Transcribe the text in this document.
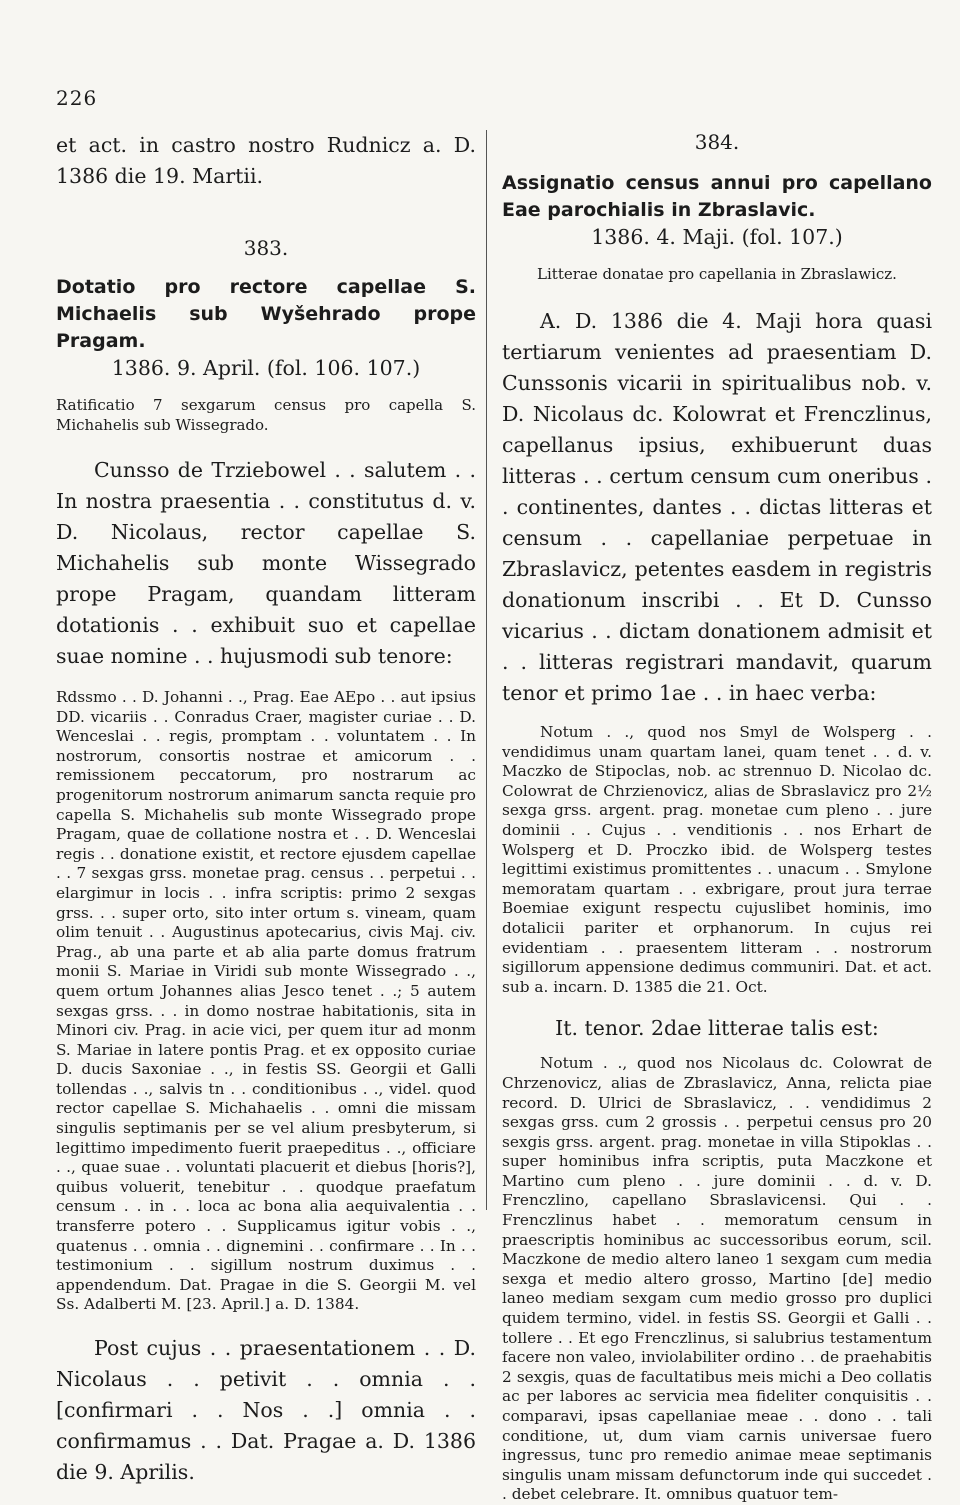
226

et act. in castro nostro Rudnicz a. D. 1386 die 19. Martii.

383.

Dotatio pro rectore capellae S. Michaelis sub Wyšehrado prope Pragam.

1386. 9. April. (fol. 106. 107.)

Ratificatio 7 sexgarum census pro capella S. Michahelis sub Wissegrado.

Cunsso de Trziebowel . . salutem . . In nostra praesentia . . constitutus d. v. D. Nicolaus, rector capellae S. Michahelis sub monte Wissegrado prope Pragam, quandam litteram dotationis . . exhibuit suo et capellae suae nomine . . hujusmodi sub tenore:

Rdssmo . . D. Johanni . ., Prag. Eae AEpo . . aut ipsius DD. vicariis . . Conradus Craer, magister curiae . . D. Wenceslai . . regis, promptam . . voluntatem . . In nostrorum, consortis nostrae et amicorum . . remissionem peccatorum, pro nostrarum ac progenitorum nostrorum animarum sancta requie pro capella S. Michahelis sub monte Wissegrado prope Pragam, quae de collatione nostra et . . D. Wenceslai regis . . donatione existit, et rectore ejusdem capellae . . 7 sexgas grss. monetae prag. census . . perpetui . . elargimur in locis . . infra scriptis: primo 2 sexgas grss. . . super orto, sito inter ortum s. vineam, quam olim tenuit . . Augustinus apotecarius, civis Maj. civ. Prag., ab una parte et ab alia parte domus fratrum monii S. Mariae in Viridi sub monte Wissegrado . ., quem ortum Johannes alias Jesco tenet . .; 5 autem sexgas grss. . . in domo nostrae habitationis, sita in Minori civ. Prag. in acie vici, per quem itur ad monm S. Mariae in latere pontis Prag. et ex opposito curiae D. ducis Saxoniae . ., in festis SS. Georgii et Galli tollendas . ., salvis tn . . conditionibus . ., videl. quod rector capellae S. Michahaelis . . omni die missam singulis septimanis per se vel alium presbyterum, si legittimo impedimento fuerit praepeditus . ., officiare . ., quae suae . . voluntati placuerit et diebus [horis?], quibus voluerit, tenebitur . . quodque praefatum censum . . in . . loca ac bona alia aequivalentia . . transferre potero . . Supplicamus igitur vobis . ., quatenus . . omnia . . dignemini . . confirmare . . In . . testimonium . . sigillum nostrum duximus . . appendendum. Dat. Pragae in die S. Georgii M. vel Ss. Adalberti M. [23. April.] a. D. 1384.

Post cujus . . praesentationem . . D. Nicolaus . . petivit . . omnia . . [confirmari . . Nos . .] omnia . . confirmamus . . Dat. Pragae a. D. 1386 die 9. Aprilis.

384.

Assignatio census annui pro capellano Eae parochialis in Zbraslavic.

1386. 4. Maji. (fol. 107.)

Litterae donatae pro capellania in Zbraslawicz.

A. D. 1386 die 4. Maji hora quasi tertiarum venientes ad praesentiam D. Cunssonis vicarii in spiritualibus nob. v. D. Nicolaus dc. Kolowrat et Frenczlinus, capellanus ipsius, exhibuerunt duas litteras . . certum censum cum oneribus . . continentes, dantes . . dictas litteras et censum . . capellaniae perpetuae in Zbraslavicz, petentes easdem in registris donationum inscribi . . Et D. Cunsso vicarius . . dictam donationem admisit et . . litteras registrari mandavit, quarum tenor et primo 1ae . . in haec verba:

Notum . ., quod nos Smyl de Wolsperg . . vendidimus unam quartam lanei, quam tenet . . d. v. Maczko de Stipoclas, nob. ac strennuo D. Nicolao dc. Colowrat de Chrzienovicz, alias de Sbraslavicz pro 2½ sexga grss. argent. prag. monetae cum pleno . . jure dominii . . Cujus . . venditionis . . nos Erhart de Wolsperg et D. Proczko ibid. de Wolsperg testes legittimi existimus promittentes . . unacum . . Smylone memoratam quartam . . exbrigare, prout jura terrae Boemiae exigunt respectu cujuslibet hominis, imo dotalicii pariter et orphanorum. In cujus rei evidentiam . . praesentem litteram . . nostrorum sigillorum appensione dedimus communiri. Dat. et act. sub a. incarn. D. 1385 die 21. Oct.

It. tenor. 2dae litterae talis est:

Notum . ., quod nos Nicolaus dc. Colowrat de Chrzenovicz, alias de Zbraslavicz, Anna, relicta piae record. D. Ulrici de Sbraslavicz, . . vendidimus 2 sexgas grss. cum 2 grossis . . perpetui census pro 20 sexgis grss. argent. prag. monetae in villa Stipoklas . . super hominibus infra scriptis, puta Maczkone et Martino cum pleno . . jure dominii . . d. v. D. Frenczlino, capellano Sbraslavicensi. Qui . . Frenczlinus habet . . memoratum censum in praescriptis hominibus ac successoribus eorum, scil. Maczkone de medio altero laneo 1 sexgam cum media sexga et medio altero grosso, Martino [de] medio laneo mediam sexgam cum medio grosso pro duplici quidem termino, videl. in festis SS. Georgii et Galli . . tollere . . Et ego Frenczlinus, si salubrius testamentum facere non valeo, inviolabiliter ordino . . de praehabitis 2 sexgis, quas de facultatibus meis michi a Deo collatis ac per labores ac servicia mea fideliter conquisitis . . comparavi, ipsas capellaniae meae . . dono . . tali conditione, ut, dum viam carnis universae fuero ingressus, tunc pro remedio animae meae septimanis singulis unam missam defunctorum inde qui succedet . . debet celebrare. It. omnibus quatuor tem-
